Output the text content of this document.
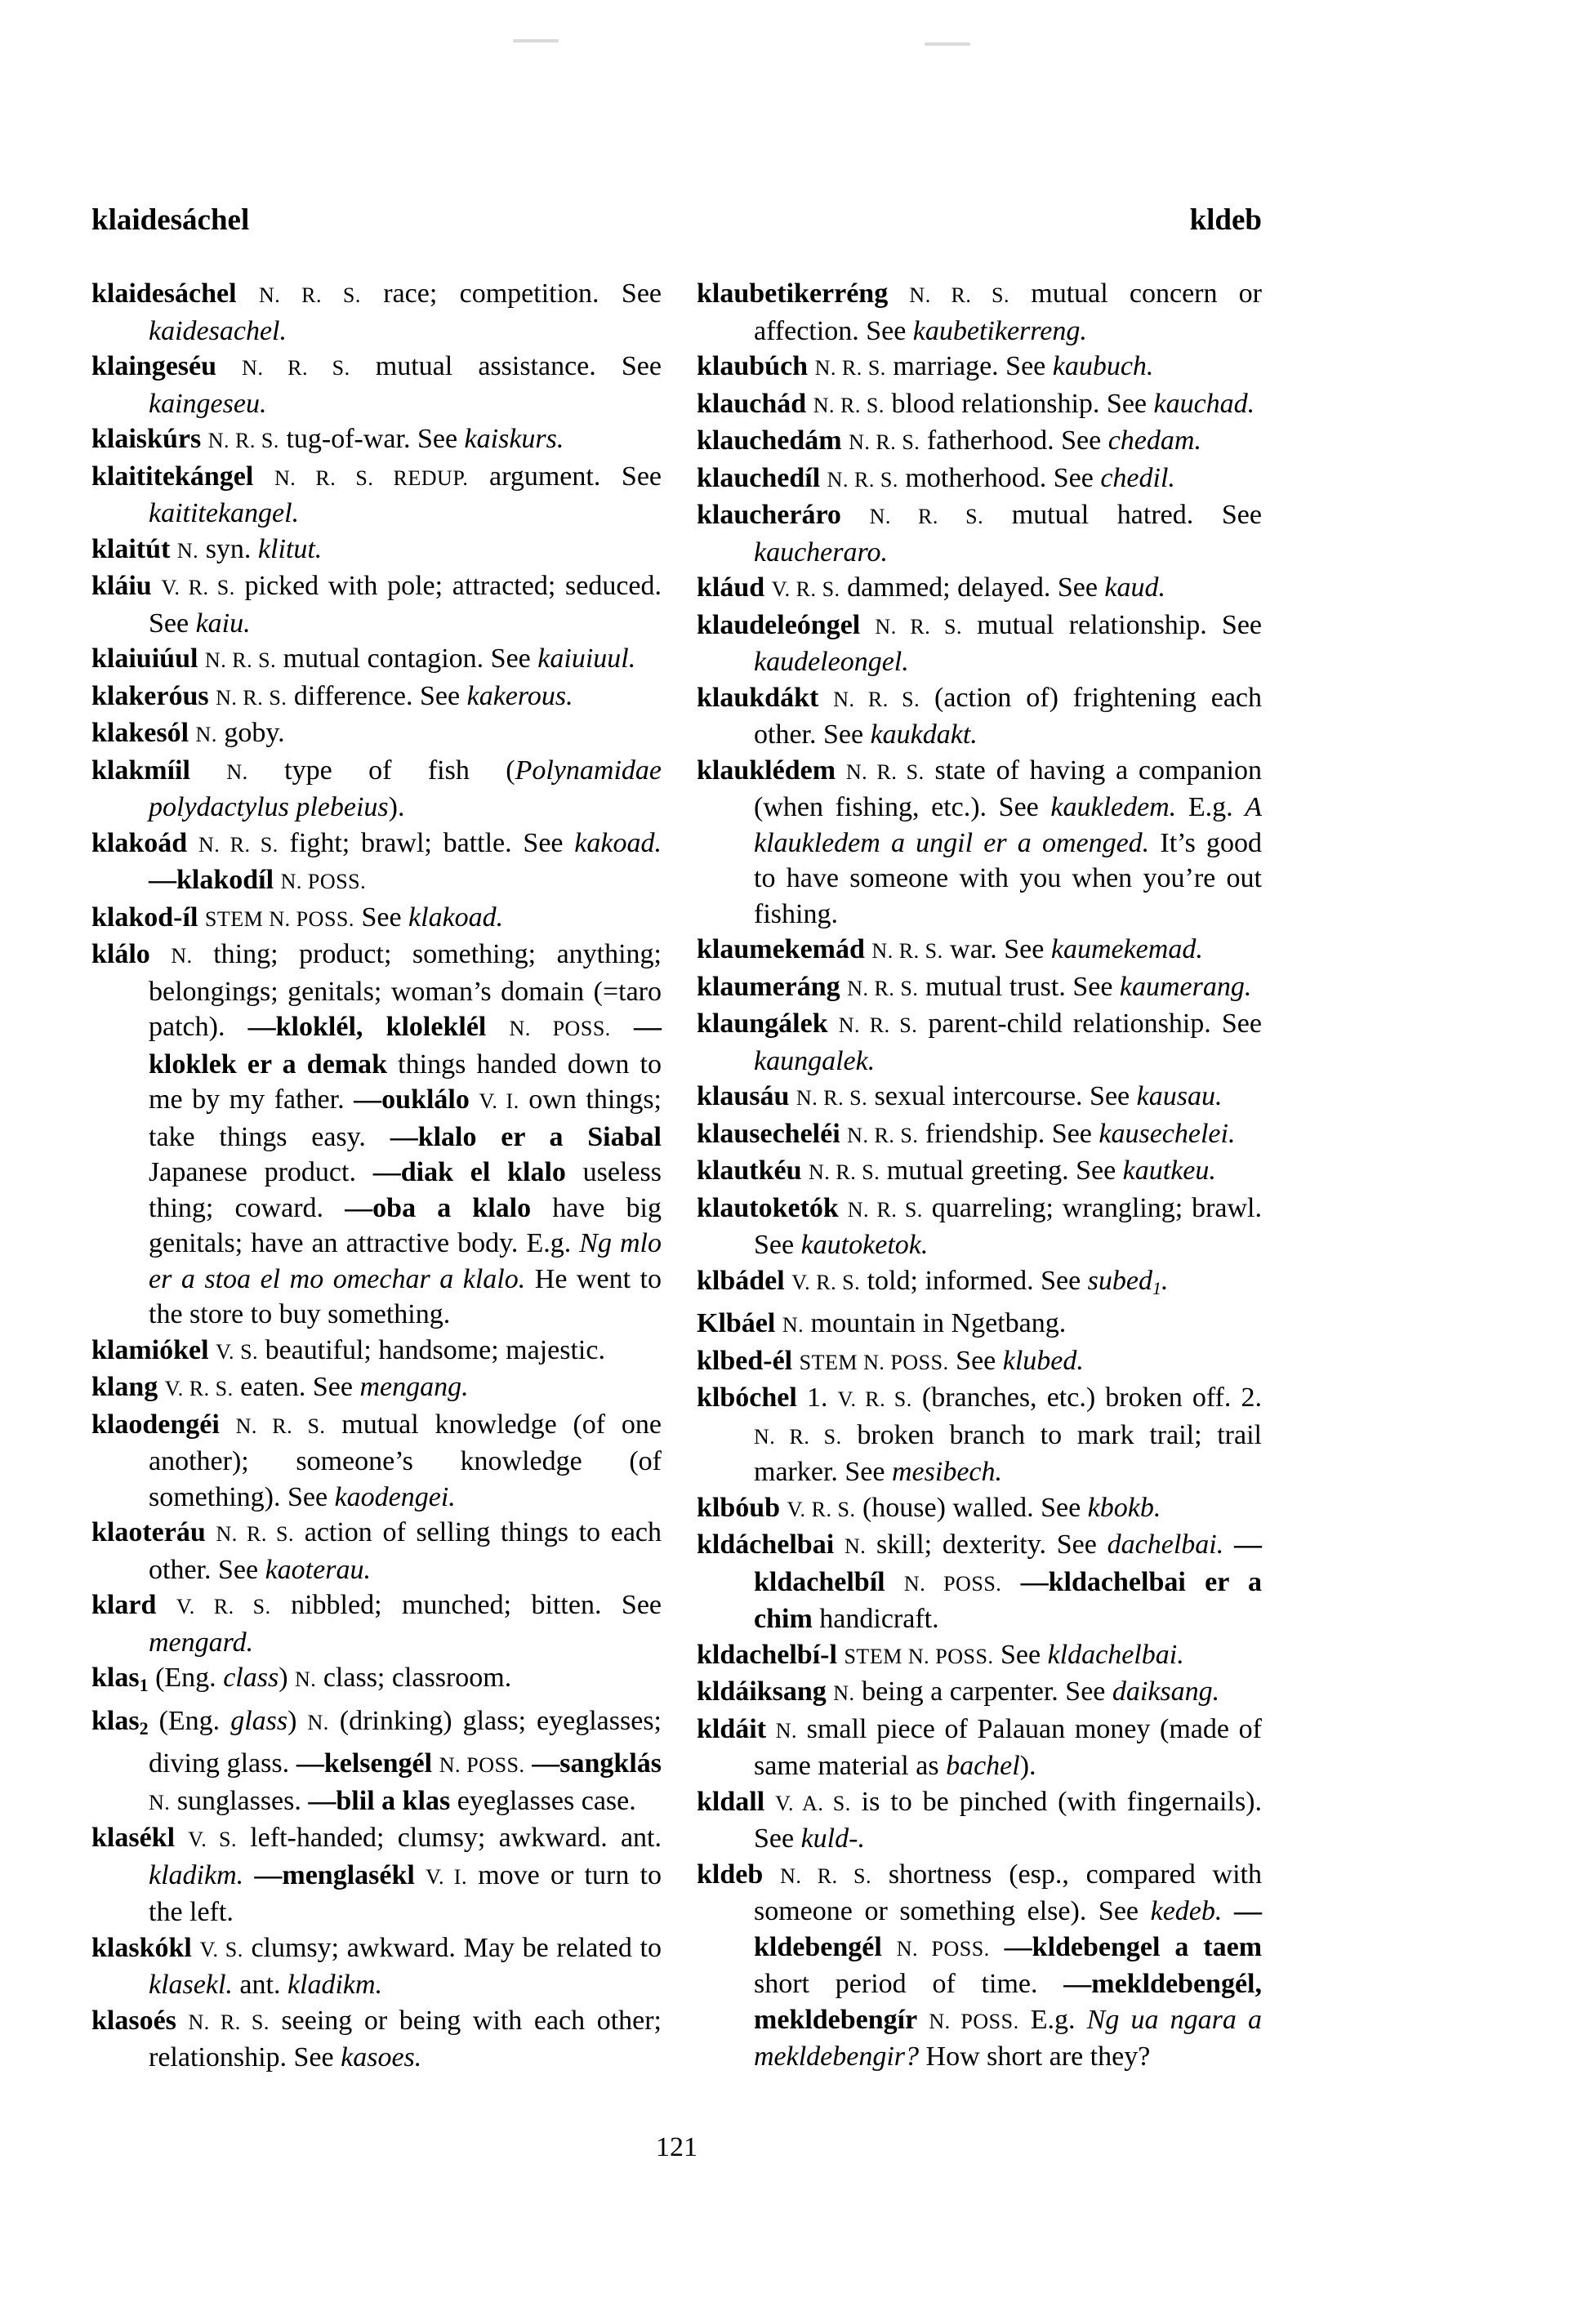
klaidesáchel	kldeb

klaidesáchel N. R. S. race; competition. See kaidesachel.

klaingeséu N. R. S. mutual assistance. See kaingeseu.

klaiskúrs N. R. S. tug-of-war. See kaiskurs.

klaititekángel N. R. S. REDUP. argument. See kaititekangel.

klaitút N. syn. klitut.

kláiu V. R. S. picked with pole; attracted; seduced. See kaiu.

klaiuiúul N. R. S. mutual contagion. See kaiuiuul.

klakeróus N. R. S. difference. See kakerous.

klakesól N. goby.

klakmíil N. type of fish (Polynamidae polydactylus plebeius).

klakoád N. R. S. fight; brawl; battle. See kakoad. —klakodíl N. POSS.

klakod-íl STEM N. POSS. See klakoad.

klálo N. thing; product; something; anything; belongings; genitals; woman’s domain (=taro patch). —kloklél, kloleklél N. POSS. —kloklek er a demak things handed down to me by my father. —ouklálo V. I. own things; take things easy. —klalo er a Siabal Japanese product. —diak el klalo useless thing; coward. —oba a klalo have big genitals; have an attractive body. E.g. Ng mlo er a stoa el mo omechar a klalo. He went to the store to buy something.

klamiókel V. S. beautiful; handsome; majestic.

klang V. R. S. eaten. See mengang.

klaodengéi N. R. S. mutual knowledge (of one another); someone’s knowledge (of something). See kaodengei.

klaoteráu N. R. S. action of selling things to each other. See kaoterau.

klard V. R. S. nibbled; munched; bitten. See mengard.

klas$_1$ (Eng. class) N. class; classroom.

klas$_2$ (Eng. glass) N. (drinking) glass; eyeglasses; diving glass. —kelsengél N. POSS. —sangklás N. sunglasses. —blil a klas eyeglasses case.

klasékl V. S. left-handed; clumsy; awkward. ant. kladikm. —menglasékl V. I. move or turn to the left.

klaskókl V. S. clumsy; awkward. May be related to klasekl. ant. kladikm.

klasoés N. R. S. seeing or being with each other; relationship. See kasoes.

klaubetikerréng N. R. S. mutual concern or affection. See kaubetikerreng.

klaubúch N. R. S. marriage. See kaubuch.

klauchád N. R. S. blood relationship. See kauchad.

klauchedám N. R. S. fatherhood. See chedam.

klauchedíl N. R. S. motherhood. See chedil.

klaucheráro N. R. S. mutual hatred. See kaucheraro.

kláud V. R. S. dammed; delayed. See kaud.

klaudeleóngel N. R. S. mutual relationship. See kaudeleongel.

klaukdákt N. R. S. (action of) frightening each other. See kaukdakt.

klauklédem N. R. S. state of having a companion (when fishing, etc.). See kaukledem. E.g. A klaukledem a ungil er a omenged. It’s good to have someone with you when you’re out fishing.

klaumekemád N. R. S. war. See kaumekemad.

klaumeráng N. R. S. mutual trust. See kaumerang.

klaungálek N. R. S. parent-child relationship. See kaungalek.

klausáu N. R. S. sexual intercourse. See kausau.

klausecheléi N. R. S. friendship. See kausechelei.

klautkéu N. R. S. mutual greeting. See kautkeu.

klautoketók N. R. S. quarreling; wrangling; brawl. See kautoketok.

klbádel V. R. S. told; informed. See subed$_1$.

Klbáel N. mountain in Ngetbang.

klbed-él STEM N. POSS. See klubed.

klbóchel 1. V. R. S. (branches, etc.) broken off. 2. N. R. S. broken branch to mark trail; trail marker. See mesibech.

klbóub V. R. S. (house) walled. See kbokb.

kldáchelbai N. skill; dexterity. See dachelbai. —kldachelbíl N. POSS. —kldachelbai er a chim handicraft.

kldachelbí-l STEM N. POSS. See kldachelbai.

kldáiksang N. being a carpenter. See daiksang.

kldáit N. small piece of Palauan money (made of same material as bachel).

kldall V. A. S. is to be pinched (with fingernails). See kuld-.

kldeb N. R. S. shortness (esp., compared with someone or something else). See kedeb. —kldebengél N. POSS. —kldebengel a taem short period of time. —mekldebengél, mekldebengír N. POSS. E.g. Ng ua ngara a mekldebengir? How short are they?

121
